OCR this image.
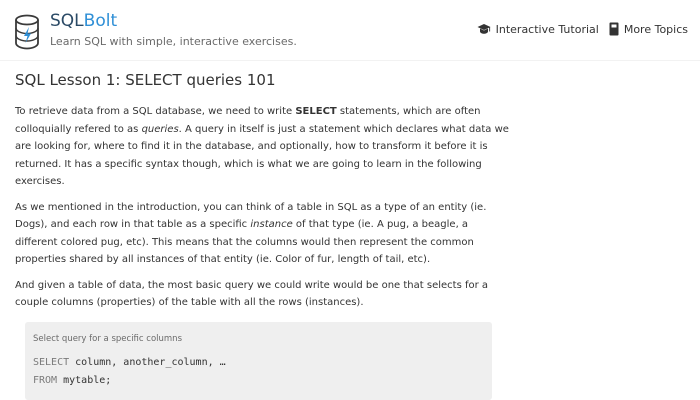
SQLBolt
Learn SQL with simple, interactive exercises.
Interactive Tutorial More Topics
SQL Lesson 1: SELECT queries 101

To retrieve data from a SQL database, we need to write SELECT statements, which are often colloquially refered to as queries. A query in itself is just a statement which declares what data we are looking for, where to find it in the database, and optionally, how to transform it before it is returned. It has a specific syntax though, which is what we are going to learn in the following exercises.

As we mentioned in the introduction, you can think of a table in SQL as a type of an entity (ie. Dogs), and each row in that table as a specific instance of that type (ie. A pug, a beagle, a different colored pug, etc). This means that the columns would then represent the common properties shared by all instances of that entity (ie. Color of fur, length of tail, etc).

And given a table of data, the most basic query we could write would be one that selects for a couple columns (properties) of the table with all the rows (instances).

Select query for a specific columns
SELECT column, another_column, …
FROM mytable;
